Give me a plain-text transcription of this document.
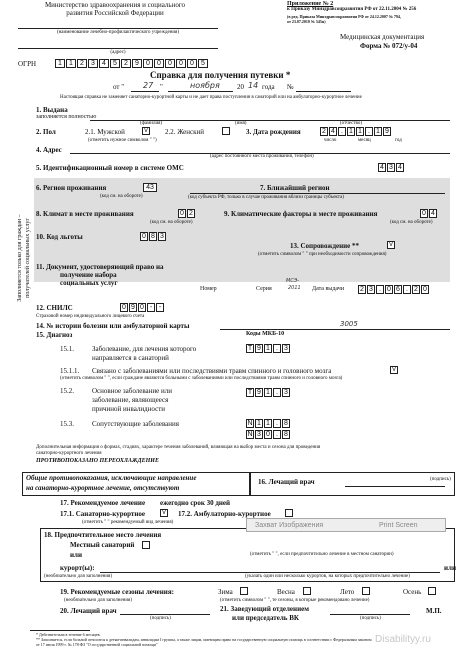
Министерство здравоохранения и социального
развития Российской Федерации
(наименование лечебно-профилактического учреждения)
(адрес)
ОГРН	1	1	2	3	4	5	2	9	0	0	0	0	0	5
Приложение № 2
к Приказу Минздравсоцразвития РФ от 22.11.2004 № 256
(в ред. Приказа Минздравсоцразвития РФ от 24.12.2007 № 794,
от 23.07.2010 № 545н)
Медицинская документация
Форма № 072/у-04
Справка для получения путевки *
от " 27 "	ноября 20 14 года №
Настоящая справка не заменяет санаторно-курортной карты и не дает права поступления в санаторий или на амбулаторно-курортное лечение
Заполняется только для граждан – получателей социальных услуг
1. Выдана
заполняется полностью
(фамилия)	(имя)	(отчество)
2. Пол	2.1. Мужской	V 2.2. Женский
(отметить нужное символом " ")
3. Дата рождения	2 4 . 1 1 . 1 9
число	месяц	год
4. Адрес
(адрес постоянного места проживания, телефон)
5. Идентификационный номер в системе ОМС	4 3 4
6. Регион проживания	43
(код см. на обороте)
7. Ближайший регион
(код субъекта РФ, только в случае проживания вблизи границы субъекта)
8. Климат в месте проживания	0 2
(код см. на обороте)
9. Климатические факторы в месте проживания	0 4
(код см. на обороте)
10. Код льготы	0 8 3
13. Сопровождение **	V
(отметить символом " " при необходимости сопровождения)
11. Документ, удостоверяющий право на
получение набора
социальных услуг
Номер	Серия
МСЭ-
2011 Дата выдачи 2 3 . 0 6 . 2 0
12. СНИЛС	0 9 0 - -
Страховой номер индивидуального лицевого счета
14. № истории болезни или амбулаторной карты	3005
15. Диагноз	Коды МКБ-10
15.1.	Заболевание, для лечения которого
направляется в санаторий
T 9 1 . 3
15.1.1. Связано с заболеваниями или последствиями травм спинного и головного мозга	V
(отметить символом " ", если граждане являются больными с заболеваниями или последствиями травм спинного и головного мозга)
15.2.	Основное заболевание или
заболевание, являющееся
причиной инвалидности
T 9 1 . 3
15.3.	Сопутствующие заболевания	N 1 1 . 8
N 3 0 . 8
Дополнительная информация о формах, стадиях, характере течения заболеваний, влияющая на выбор места и сезона для проведения
санаторно-курортного лечения
ПРОТИВОПОКАЗАНО ПЕРЕОХЛАЖДЕНИЕ
Общие противопоказания, исключающие направление
на санаторно-курортное лечение, отсутствуют
16. Лечащий врач	(подпись)
17. Рекомендуемое лечение ежегодно срок 30 дней
17.1. Санаторно-курортное	V 17.2. Амбулаторно-курортное
(отметить " " рекомендуемый вид лечения)
18. Предпочтительное место лечения
Местный санаторий
или	(отметить " ", если предпочтительно лечение в местном санатории)
курорт(ы):	или
(необязательно для заполнения)	(указать один или несколько курортов, на которых предпочтительно лечение)
19. Рекомендуемые сезоны лечения:	Зима	Весна	Лето	Осень
(необязательно для заполнения)	(отметить символом " ", те сезоны, в которые рекомендовано лечение)
20. Лечащий врач
(подпись)
21. Заведующий отделением
или председатель ВК	(подпись)
М.П.
* Действительна в течение 6 месяцев.
** Заполняется, если больной относится к детям-инвалидам, инвалидам I группы, а также лицам, имеющим право на государственную социальную помощь в соответствии с Федеральным законом
от 17 июля 1999 г. № 178-ФЗ "О государственной социальной помощи"
Захват Изображения	Print Screen
Disabilityy.ru
